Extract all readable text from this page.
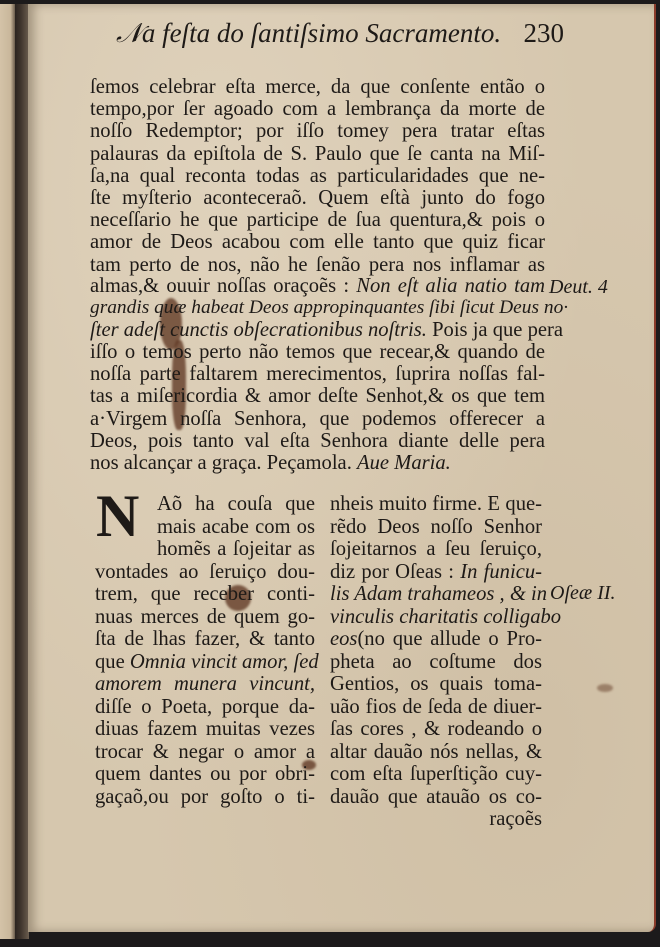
𝒩a feſta do ſantiſsimo Sacramento. 230
ſemos celebrar eſta merce, da que conſente então o
tempo,por ſer agoado com a lembrança da morte de
noſſo Redemptor; por iſſo tomey pera tratar eſtas
palauras da epiſtola de S. Paulo que ſe canta na Miſ-
ſa,na qual reconta todas as particularidades que ne-
ſte myſterio aconteceraõ. Quem eſtà junto do fogo
neceſſario he que participe de ſua quentura,& pois o
amor de Deos acabou com elle tanto que quiz ficar
tam perto de nos, não he ſenão pera nos inflamar as
almas,& ouuir noſſas oraçoẽs : Non eſt alia natio tam
grandis quæ habeat Deos appropinquantes ſibi ſicut Deus no·
ſter adeſt cunctis obſecrationibus noſtris. Pois ja que pera
iſſo o temos perto não temos que recear,& quando de
noſſa parte faltarem merecimentos, ſuprira noſſas fal-
tas a miſericordia & amor deſte Senhot,& os que tem
a·Virgem noſſa Senhora, que podemos offerecer a
Deos, pois tanto val eſta Senhora diante delle pera
nos alcançar a graça. Peçamola. Aue Maria.
Deut. 4
Oſeæ II.
N Aõ ha couſa que
mais acabe com os
homẽs a ſojeitar as
vontades ao ſeruiço dou-
trem, que receber conti-
nuas merces de quem go-
ſta de lhas fazer, & tanto
que Omnia vincit amor, ſed
amorem munera vincunt,
diſſe o Poeta, porque da-
diuas fazem muitas vezes
trocar & negar o amor a
quem dantes ou por obri-
gaçaõ,ou por goſto o ti-
nheis muito firme. E que-
rẽdo Deos noſſo Senhor
ſojeitarnos a ſeu ſeruiço,
diz por Oſeas : In funicu-
lis Adam trahameos , & in
vinculis charitatis colligabo
eos(no que allude o Pro-
pheta ao coſtume dos
Gentios, os quais toma-
uão fios de ſeda de diuer-
ſas cores , & rodeando o
altar dauão nós nellas, &
com eſta ſuperſtição cuy-
dauão que atauão os co-
raçoẽs
